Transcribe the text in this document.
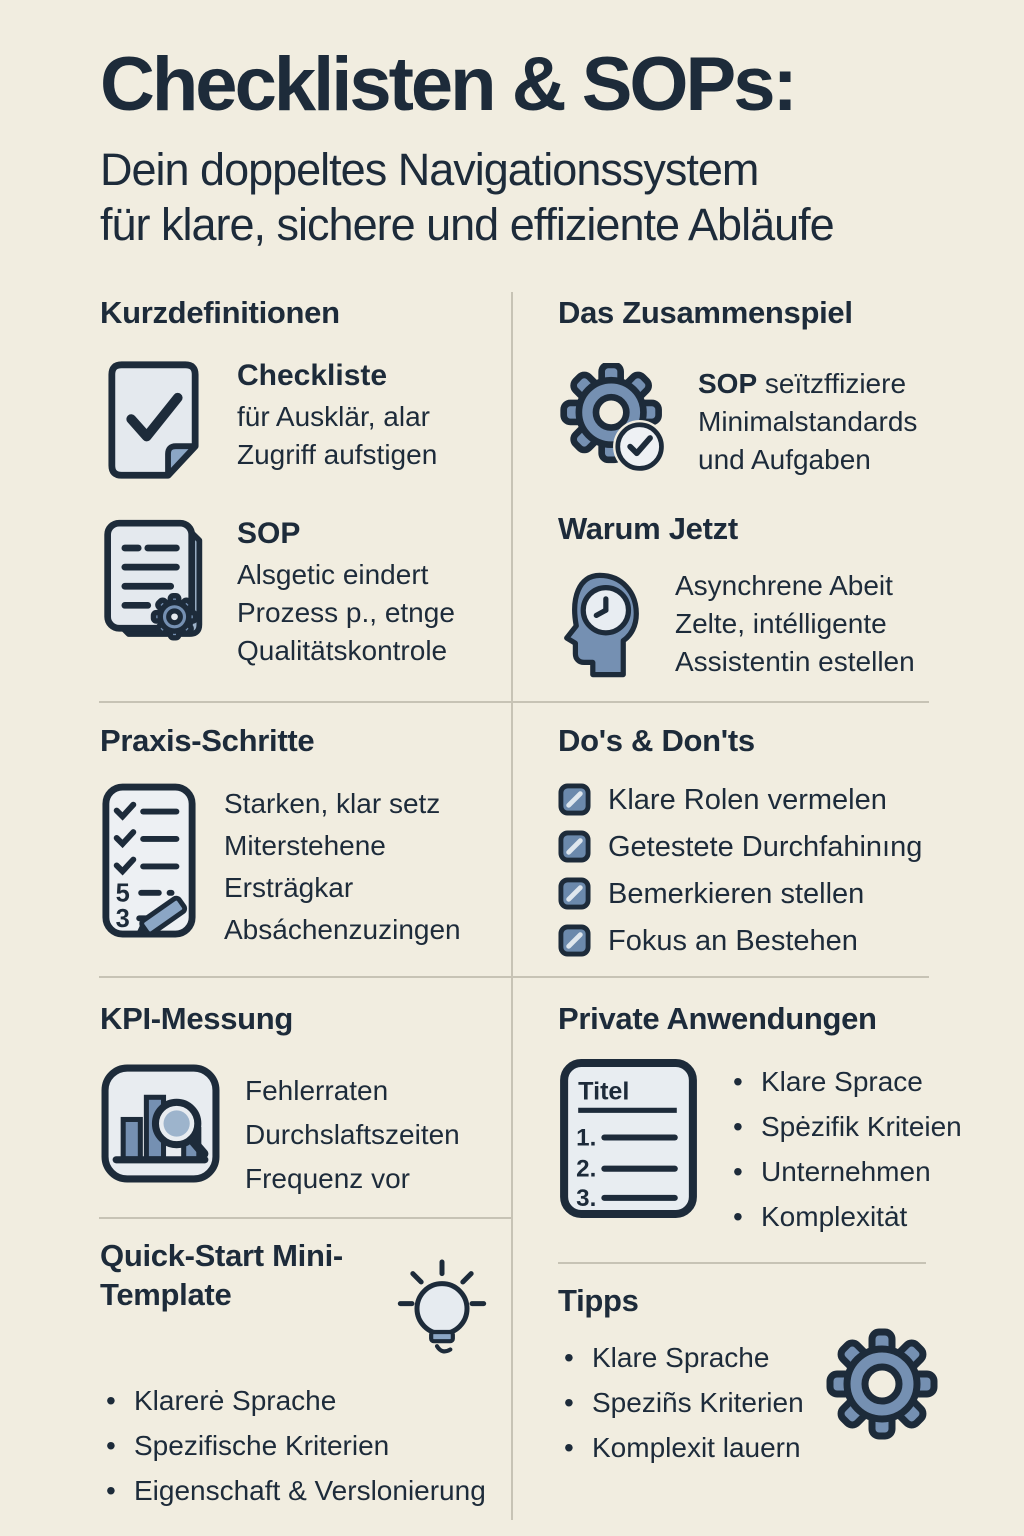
Checklisten & SOPs:
Dein doppeltes Navigationssystem
für klare, sichere und effiziente Abläufe
Kurzdefinitionen
Checkliste
für Ausklär, alar
Zugriff aufstigen
SOP
Alsgetic eindert
Prozess p., etnge
Qualitätskontrole
Praxis-Schritte
5
3
Starken, klar setz
Miterstehene
Ersträgkar
Absáchenzuzingen
KPI-Messung
Fehlerraten
Durchslaftszeiten
Frequenz vor
Quick-Start Mini-
Template
• Klarerė Sprache
• Spezifische Kriterien
• Eigenschaft & Verslonierung
Das Zusammenspiel
SOP seïtzffiziere
Minimalstandards
und Aufgaben
Warum Jetzt
Asynchrene Abeit
Zelte, intélligente
Assistentin estellen
Do's & Don'ts
Klare Rolen vermelen
Getestete Durchfahinıng
Bemerkieren stellen
Fokus an Bestehen
Private Anwendungen
Titel
1.
2.
3.
• Klare Sprace
• Spėzifik Kriteien
• Unternehmen
• Komplexitȧt
Tipps
• Klare Sprache
• Speziñs Kriterien
• Komplexit lauern
